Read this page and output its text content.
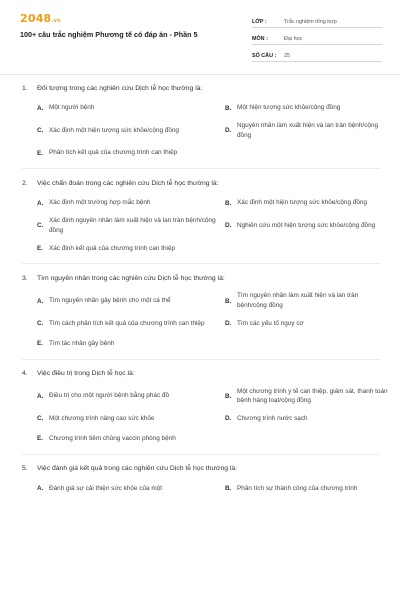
2048.vn
100+ câu trắc nghiệm Phương tế có đáp án - Phần 5
LỚP :	Trắc nghiệm tổng hợp
MÔN :	Đại học
SỐ CÂU :	25
1.	Đối tượng trong các nghiên cứu Dịch tễ học thường là:
A. Một người bệnh	B. Một hiện tượng sức khỏe/cộng đồng
C. Xác định một hiện tượng sức khỏe/cộng đồng	D.
Nguyên nhân làm xuất hiện và lan tràn bệnh/cộng đồng
E. Phân tích kết quả của chương trình can thiệp
2.	Việc chẩn đoán trong các nghiên cứu Dịch tễ học thường là:
A. Xác định một trường hợp mắc bệnh	B. Xác định một hiện tượng sức khỏe/cộng đồng
C.
Xác định nguyên nhân làm xuất hiện và lan tràn bệnh/cộng đồng
D. Nghiên cứu một hiện tượng sức khỏe/cộng đồng
E. Xác định kết quả của chương trình can thiệp
3.	Tìm nguyên nhân trong các nghiên cứu Dịch tễ học thường là:
A. Tìm nguyên nhân gây bệnh cho một cá thể	B.
Tìm nguyên nhân làm xuất hiện và lan tràn bệnh/cộng đồng
C. Tìm cách phân tích kết quả của chương trình can thiệp	D. Tìm các yếu tố nguy cơ
E. Tìm tác nhân gây bệnh
4.	Việc điều trị trong Dịch tễ học là:
A. Điều trị cho một người bệnh bằng phác đồ	B.
Một chương trình y tế can thiệp, giám sát, thanh toán bệnh hàng loạt/cộng đồng
C. Một chương trình nâng cao sức khỏe	D. Chương trình nước sạch
E. Chương trình tiêm chủng vaccin phòng bệnh
5.	Việc đánh giá kết quả trong các nghiên cứu Dịch tễ học thường là:
A. Đánh giá sự cải thiện sức khỏe của một	B. Phân tích sự thành công của chương trình
